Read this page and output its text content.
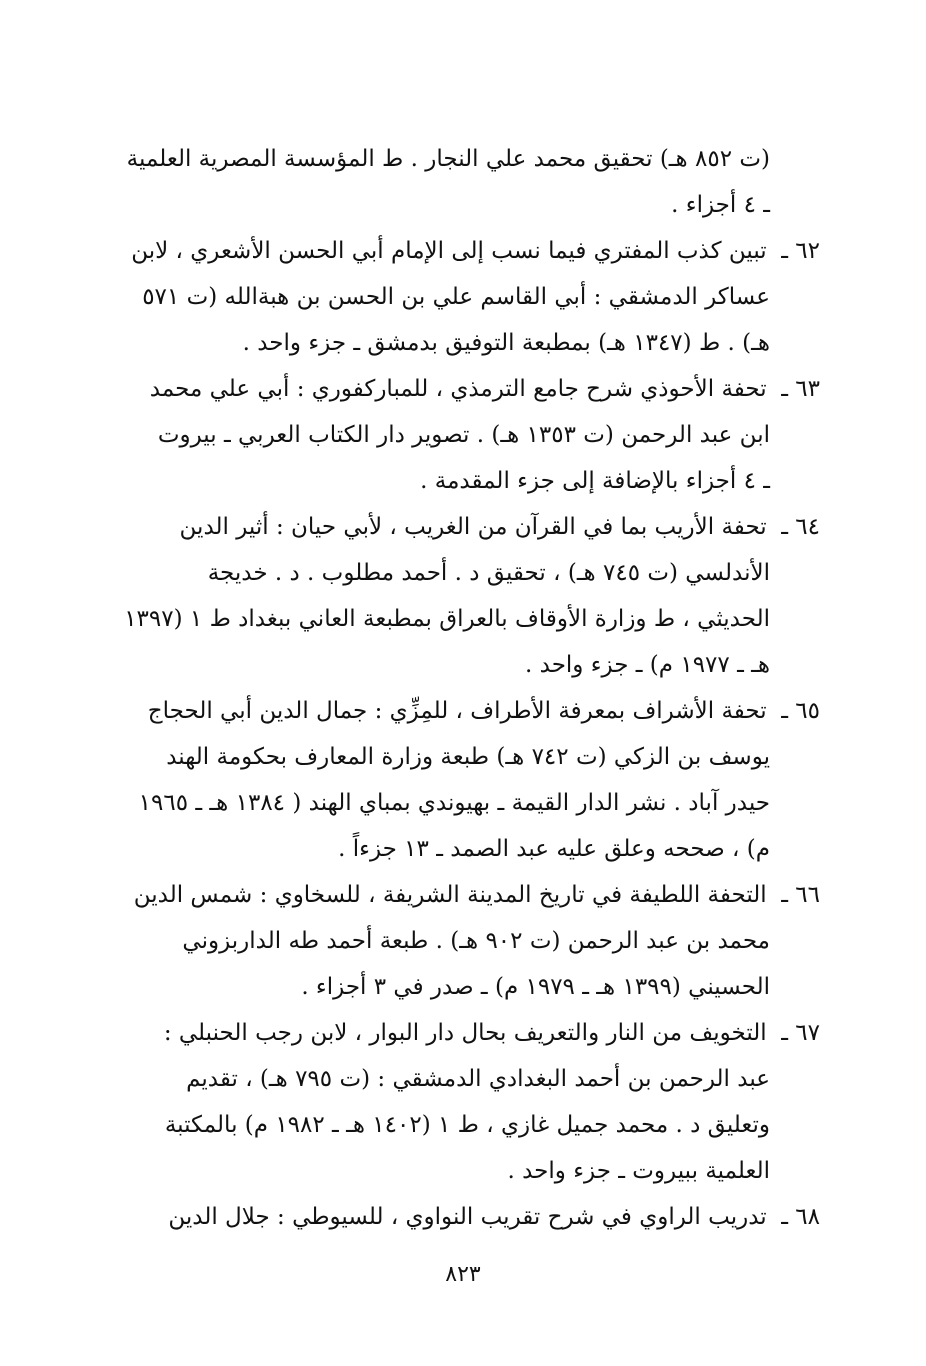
(ت ٨٥٢ هـ) تحقيق محمد علي النجار . ط المؤسسة المصرية العلمية
ـ ٤ أجزاء .
٦٢ ـ تبين كذب المفتري فيما نسب إلى الإمام أبي الحسن الأشعري ، لابن
عساكر الدمشقي : أبي القاسم علي بن الحسن بن هبةالله (ت ٥٧١
هـ) . ط (١٣٤٧ هـ) بمطبعة التوفيق بدمشق ـ جزء واحد .
٦٣ ـ تحفة الأحوذي شرح جامع الترمذي ، للمباركفوري : أبي علي محمد
ابن عبد الرحمن (ت ١٣٥٣ هـ) . تصوير دار الكتاب العربي ـ بيروت
ـ ٤ أجزاء بالإضافة إلى جزء المقدمة .
٦٤ ـ تحفة الأريب بما في القرآن من الغريب ، لأبي حيان : أثير الدين
الأندلسي (ت ٧٤٥ هـ) ، تحقيق د . أحمد مطلوب . د . خديجة
الحديثي ، ط وزارة الأوقاف بالعراق بمطبعة العاني ببغداد ط ١ (١٣٩٧
هـ ـ ١٩٧٧ م) ـ جزء واحد .
٦٥ ـ تحفة الأشراف بمعرفة الأطراف ، للمِزِّي : جمال الدين أبي الحجاج
يوسف بن الزكي (ت ٧٤٢ هـ) طبعة وزارة المعارف بحكومة الهند
حيدر آباد . نشر الدار القيمة ـ بهيوندي بمباي الهند ( ١٣٨٤ هـ ـ ١٩٦٥
م) ، صححه وعلق عليه عبد الصمد ـ ١٣ جزءاً .
٦٦ ـ التحفة اللطيفة في تاريخ المدينة الشريفة ، للسخاوي : شمس الدين
محمد بن عبد الرحمن (ت ٩٠٢ هـ) . طبعة أحمد طه الداربزوني
الحسيني (١٣٩٩ هـ ـ ١٩٧٩ م) ـ صدر في ٣ أجزاء .
٦٧ ـ التخويف من النار والتعريف بحال دار البوار ، لابن رجب الحنبلي :
عبد الرحمن بن أحمد البغدادي الدمشقي : (ت ٧٩٥ هـ) ، تقديم
وتعليق د . محمد جميل غازي ، ط ١ (١٤٠٢ هـ ـ ١٩٨٢ م) بالمكتبة
العلمية ببيروت ـ جزء واحد .
٦٨ ـ تدريب الراوي في شرح تقريب النواوي ، للسيوطي : جلال الدين
٨٢٣
